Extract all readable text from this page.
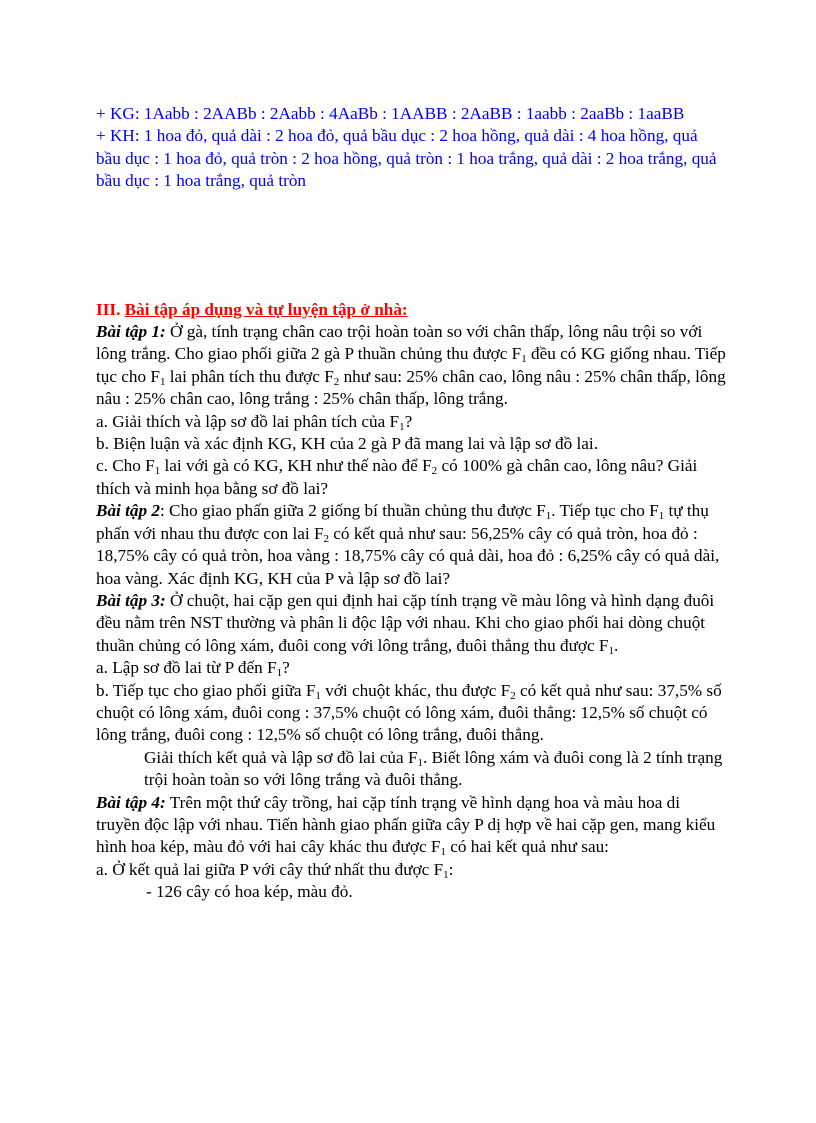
+ KG: 1Aabb : 2AABb : 2Aabb : 4AaBb : 1AABB : 2AaBB : 1aabb : 2aaBb : 1aaBB

+ KH: 1 hoa đỏ, quả dài : 2 hoa đỏ, quả bầu dục : 2 hoa hồng, quả dài : 4 hoa hồng, quả bầu dục : 1 hoa đỏ, quả tròn : 2 hoa hồng, quả tròn : 1 hoa trắng, quả dài : 2 hoa trắng, quả bầu dục : 1 hoa trắng, quả tròn

III. Bài tập áp dụng và tự luyện tập ở nhà:

Bài tập 1: Ở gà, tính trạng chân cao trội hoàn toàn so với chân thấp, lông nâu trội so với lông trắng. Cho giao phối giữa 2 gà P thuần chủng thu được $F_1$ đều có KG giống nhau. Tiếp tục cho $F_1$ lai phân tích thu được $F_2$ như sau: 25% chân cao, lông nâu : 25% chân thấp, lông nâu : 25% chân cao, lông trắng : 25% chân thấp, lông trắng.

a. Giải thích và lập sơ đồ lai phân tích của $F_1$?

b. Biện luận và xác định KG, KH của 2 gà P đã mang lai và lập sơ đồ lai.

c. Cho $F_1$ lai với gà có KG, KH như thế nào để $F_2$ có 100% gà chân cao, lông nâu? Giải thích và minh họa bằng sơ đồ lai?

Bài tập 2: Cho giao phấn giữa 2 giống bí thuần chủng thu được $F_1$. Tiếp tục cho $F_1$ tự thụ phấn với nhau thu được con lai $F_2$ có kết quả như sau: 56,25% cây có quả tròn, hoa đỏ : 18,75% cây có quả tròn, hoa vàng : 18,75% cây có quả dài, hoa đỏ : 6,25% cây có quả dài, hoa vàng. Xác định KG, KH của P và lập sơ đồ lai?

Bài tập 3: Ở chuột, hai cặp gen qui định hai cặp tính trạng về màu lông và hình dạng đuôi đều nằm trên NST thường và phân li độc lập với nhau. Khi cho giao phối hai dòng chuột thuần chủng có lông xám, đuôi cong với lông trắng, đuôi thẳng thu được $F_1$.

a. Lập sơ đồ lai từ P đến $F_1$?

b. Tiếp tục cho giao phối giữa $F_1$ với chuột khác, thu được $F_2$ có kết quả như sau: 37,5% số chuột có lông xám, đuôi cong : 37,5% chuột có lông xám, đuôi thẳng: 12,5% số chuột có lông trắng, đuôi cong : 12,5% số chuột có lông trắng, đuôi thẳng.

Giải thích kết quả và lập sơ đồ lai của $F_1$. Biết lông xám và đuôi cong là 2 tính trạng trội hoàn toàn so với lông trắng và đuôi thẳng.

Bài tập 4: Trên một thứ cây trồng, hai cặp tính trạng về hình dạng hoa và màu hoa di truyền độc lập với nhau. Tiến hành giao phấn giữa cây P dị hợp về hai cặp gen, mang kiểu hình hoa kép, màu đỏ với hai cây khác thu được $F_1$ có hai kết quả như sau:

a. Ở kết quả lai giữa P với cây thứ nhất thu được $F_1$:

- 126 cây có hoa kép, màu đỏ.
